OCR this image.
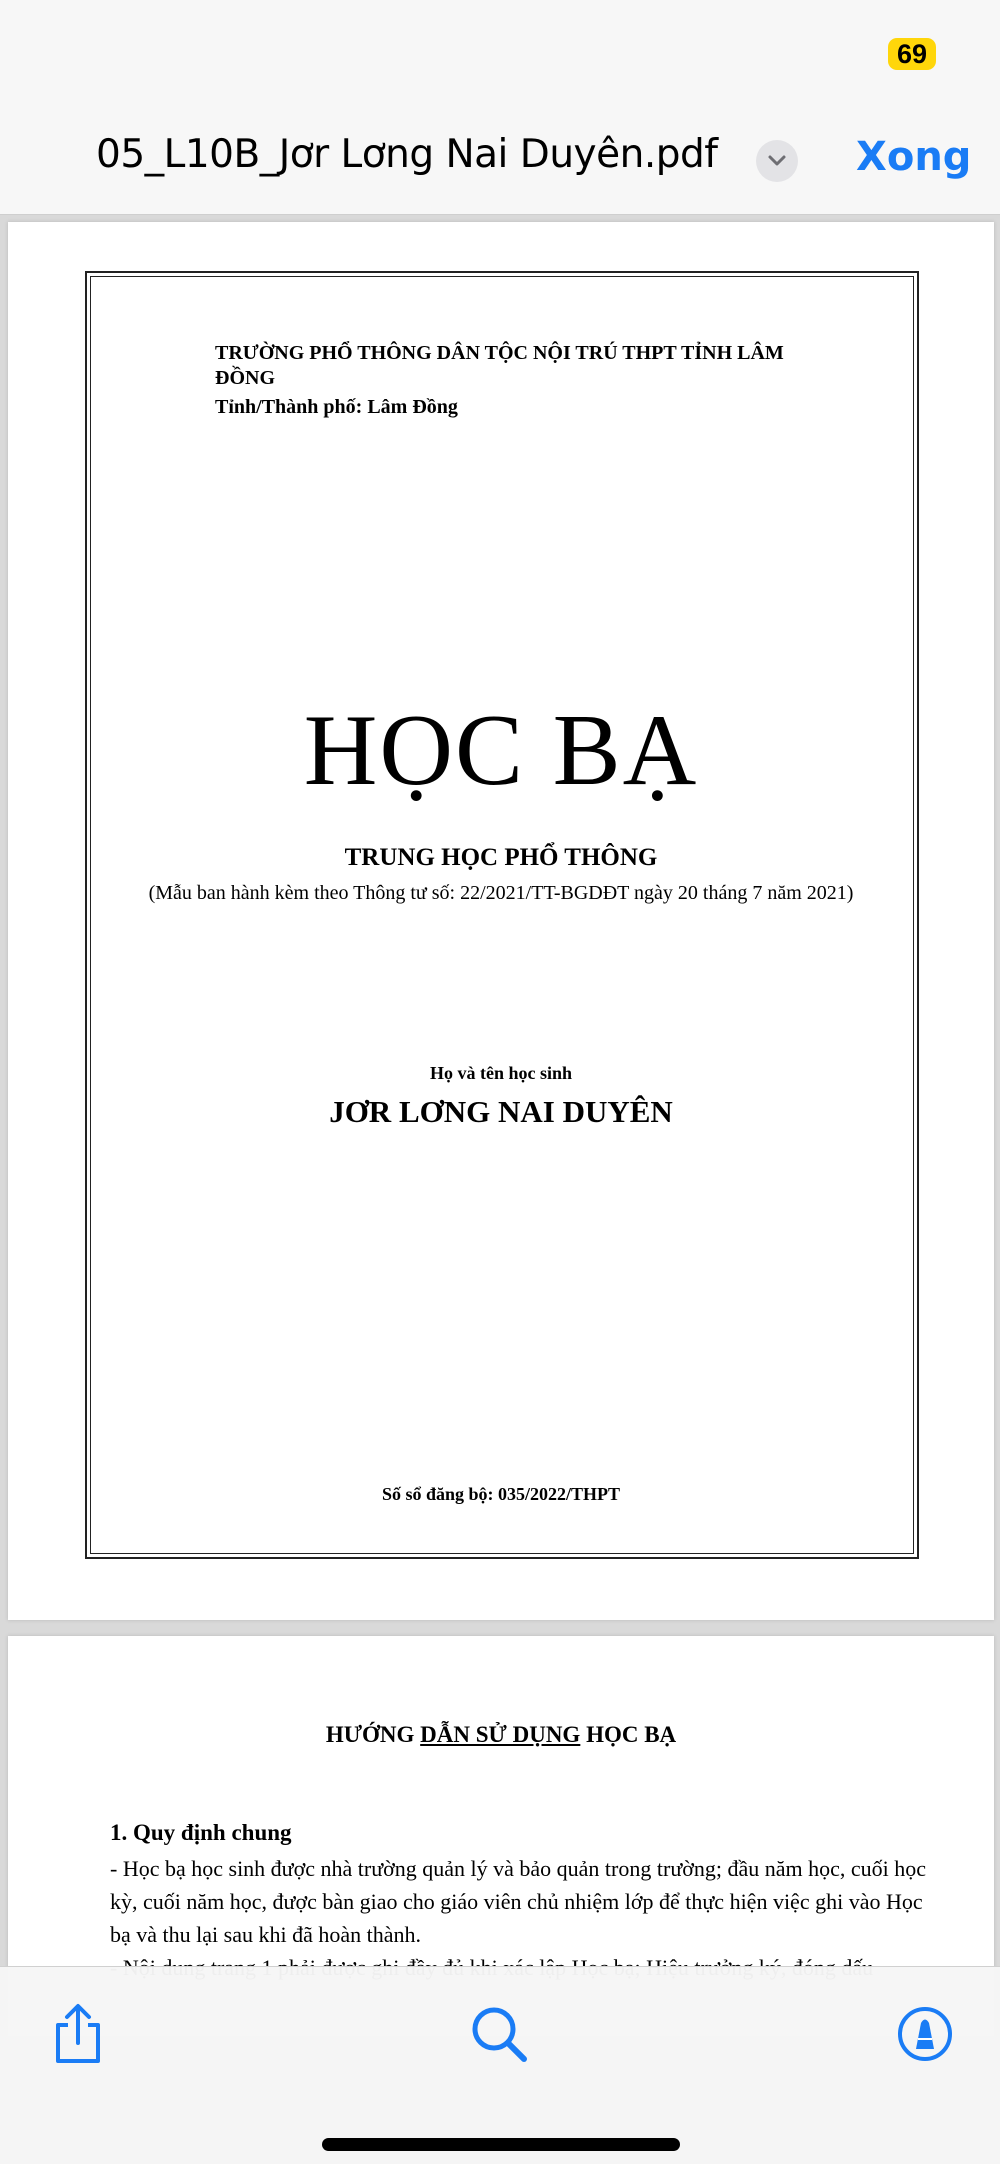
69
05_L10B_Jơr Lơng Nai Duyên.pdf	Xong
TRƯỜNG PHỔ THÔNG DÂN TỘC NỘI TRÚ THPT TỈNH LÂM ĐỒNG
Tỉnh/Thành phố: Lâm Đồng
HỌC BẠ
TRUNG HỌC PHỔ THÔNG
(Mẫu ban hành kèm theo Thông tư số: 22/2021/TT-BGDĐT ngày 20 tháng 7 năm 2021)
Họ và tên học sinh
JƠR LƠNG NAI DUYÊN
Số sổ đăng bộ: 035/2022/THPT
HƯỚNG DẪN SỬ DỤNG HỌC BẠ
1. Quy định chung

- Học bạ học sinh được nhà trường quản lý và bảo quản trong trường; đầu năm học, cuối học kỳ, cuối năm học, được bàn giao cho giáo viên chủ nhiệm lớp để thực hiện việc ghi vào Học bạ và thu lại sau khi đã hoàn thành.
